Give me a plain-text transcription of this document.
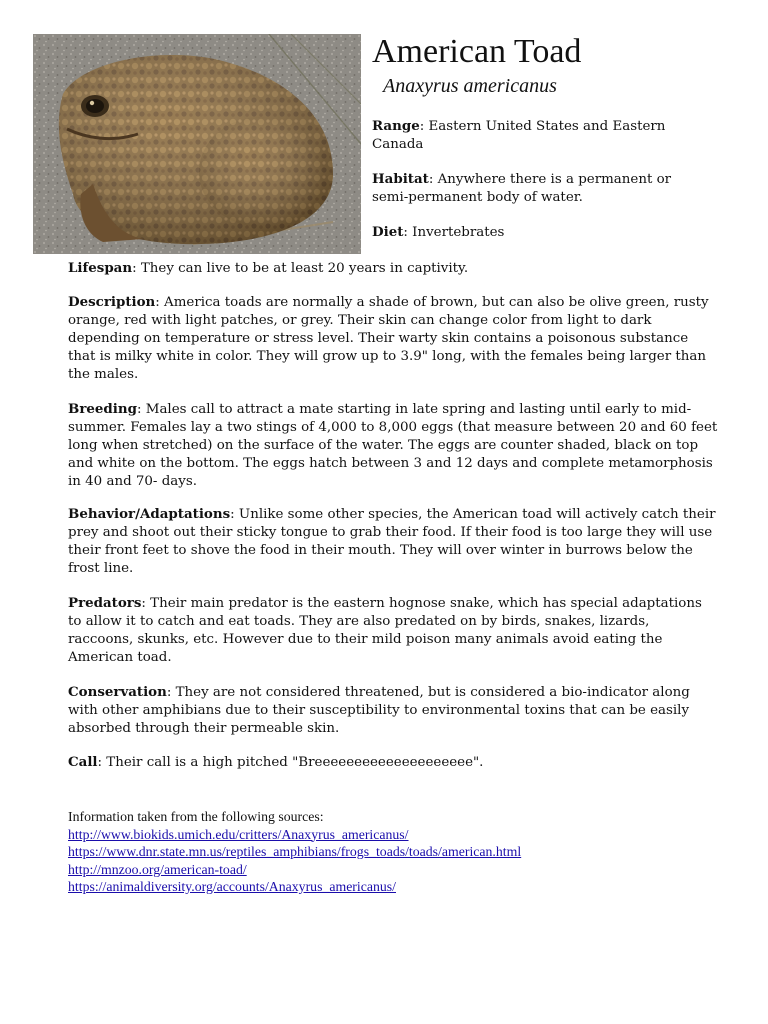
American Toad
Anaxyrus americanus
Range: Eastern United States and Eastern Canada
Habitat: Anywhere there is a permanent or semi-permanent body of water.
Diet: Invertebrates
Lifespan: They can live to be at least 20 years in captivity.
Description: America toads are normally a shade of brown, but can also be olive green, rusty orange, red with light patches, or grey. Their skin can change color from light to dark depending on temperature or stress level. Their warty skin contains a poisonous substance that is milky white in color. They will grow up to 3.9" long, with the females being larger than the males.
Breeding: Males call to attract a mate starting in late spring and lasting until early to mid-summer. Females lay a two stings of 4,000 to 8,000 eggs (that measure between 20 and 60 feet long when stretched) on the surface of the water. The eggs are counter shaded, black on top and white on the bottom. The eggs hatch between 3 and 12 days and complete metamorphosis in 40 and 70- days.
Behavior/Adaptations: Unlike some other species, the American toad will actively catch their prey and shoot out their sticky tongue to grab their food. If their food is too large they will use their front feet to shove the food in their mouth. They will over winter in burrows below the frost line.
Predators: Their main predator is the eastern hognose snake, which has special adaptations to allow it to catch and eat toads. They are also predated on by birds, snakes, lizards, raccoons, skunks, etc. However due to their mild poison many animals avoid eating the American toad.
Conservation: They are not considered threatened, but is considered a bio-indicator along with other amphibians due to their susceptibility to environmental toxins that can be easily absorbed through their permeable skin.
Call: Their call is a high pitched "Breeeeeeeeeeeeeeeeeeee".
Information taken from the following sources:
http://www.biokids.umich.edu/critters/Anaxyrus_americanus/
https://www.dnr.state.mn.us/reptiles_amphibians/frogs_toads/toads/american.html
http://mnzoo.org/american-toad/
https://animaldiversity.org/accounts/Anaxyrus_americanus/
